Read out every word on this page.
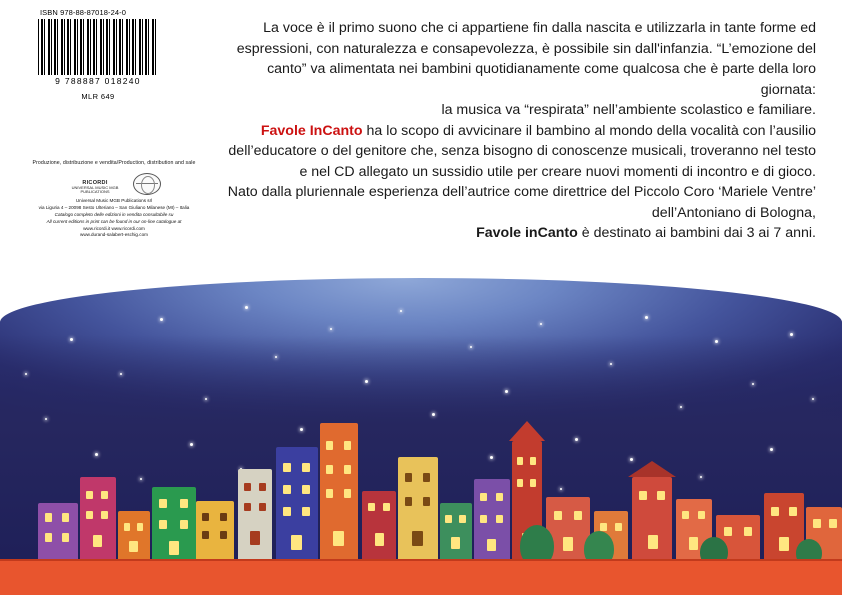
ISBN 978-88-87018-24-0
9 788887 018240
MLR 649
Produzione, distribuzione e vendita/Production, distribution and sale
RICORDI
UNIVERSAL MUSIC MGB PUBLICATIONS
Universal Music MGB Publications srl
via Liguria 4 – 20098 Sesto Ulteriano – San Giuliano Milanese (MI) – Italia
Catalogo completo delle edizioni in vendita consultabile su
All current editions in print can be found in our on-line catalogue at
www.ricordi.it www.ricordi.com
www.durand-salabert-eschig.com
La voce è il primo suono che ci appartiene fin dalla nascita e utilizzarla in tante forme ed espressioni, con naturalezza e consapevolezza, è possibile sin dall'infanzia. “L’emozione del canto” va alimentata nei bambini quotidianamente come qualcosa che è parte della loro giornata:
la musica va “respirata” nell’ambiente scolastico e familiare.
Favole InCanto ha lo scopo di avvicinare il bambino al mondo della vocalità con l’ausilio dell’educatore o del genitore che, senza bisogno di conoscenze musicali, troveranno nel testo e nel CD allegato un sussidio utile per creare nuovi momenti di incontro e di gioco.
Nato dalla pluriennale esperienza dell’autrice come direttrice del Piccolo Coro ‘Mariele Ventre’ dell’Antoniano di Bologna,
Favole inCanto è destinato ai bambini dai 3 ai 7 anni.
